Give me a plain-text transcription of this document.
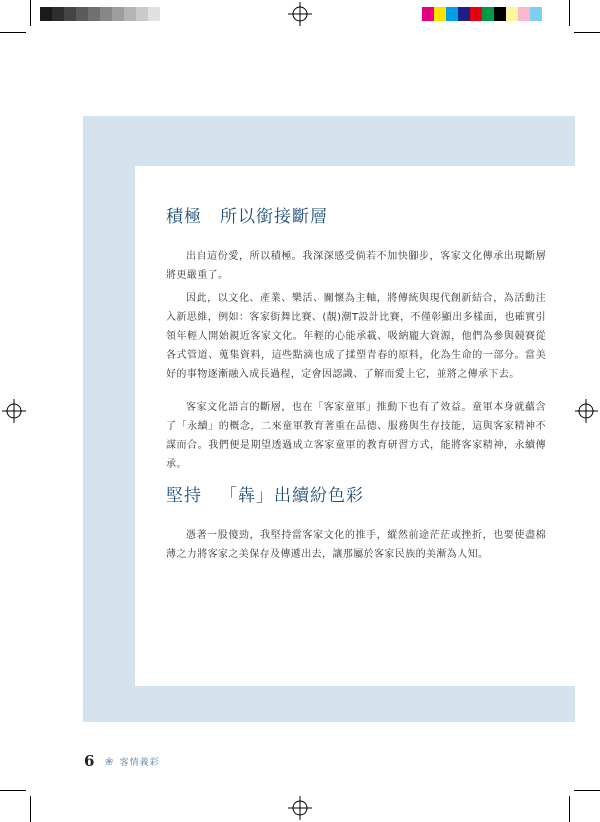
積極 所以銜接斷層

出自這份愛，所以積極。我深深感受倘若不加快腳步，客家文化傳承出現斷層將更嚴重了。

因此，以文化、產業、樂活、關懷為主軸，將傳統與現代創新結合，為活動注入新思維，例如：客家街舞比賽、(靚)潮T設計比賽，不僅彰顯出多樣面，也確實引領年輕人開始親近客家文化。年輕的心能承載、吸納龐大資源，他們為參與競賽從各式管道、蒐集資料，這些點滴也成了揉塑青春的原料，化為生命的一部分。當美好的事物逐漸融入成長過程，定會因認識、了解而愛上它，並將之傳承下去。

客家文化語言的斷層，也在「客家童軍」推動下也有了效益。童軍本身就蘊含了「永續」的概念，二來童軍教育著重在品德、服務與生存技能，這與客家精神不謀而合。我們便是期望透過成立客家童軍的教育研習方式，能將客家精神，永續傳承。

堅持 「犇」出續紛色彩

憑著一股傻勁，我堅持當客家文化的推手，縱然前途茫茫或挫折，也要使盡棉薄之力將客家之美保存及傳遞出去，讓那屬於客家民族的美漸為人知。

6 ❀ 客情義彩
